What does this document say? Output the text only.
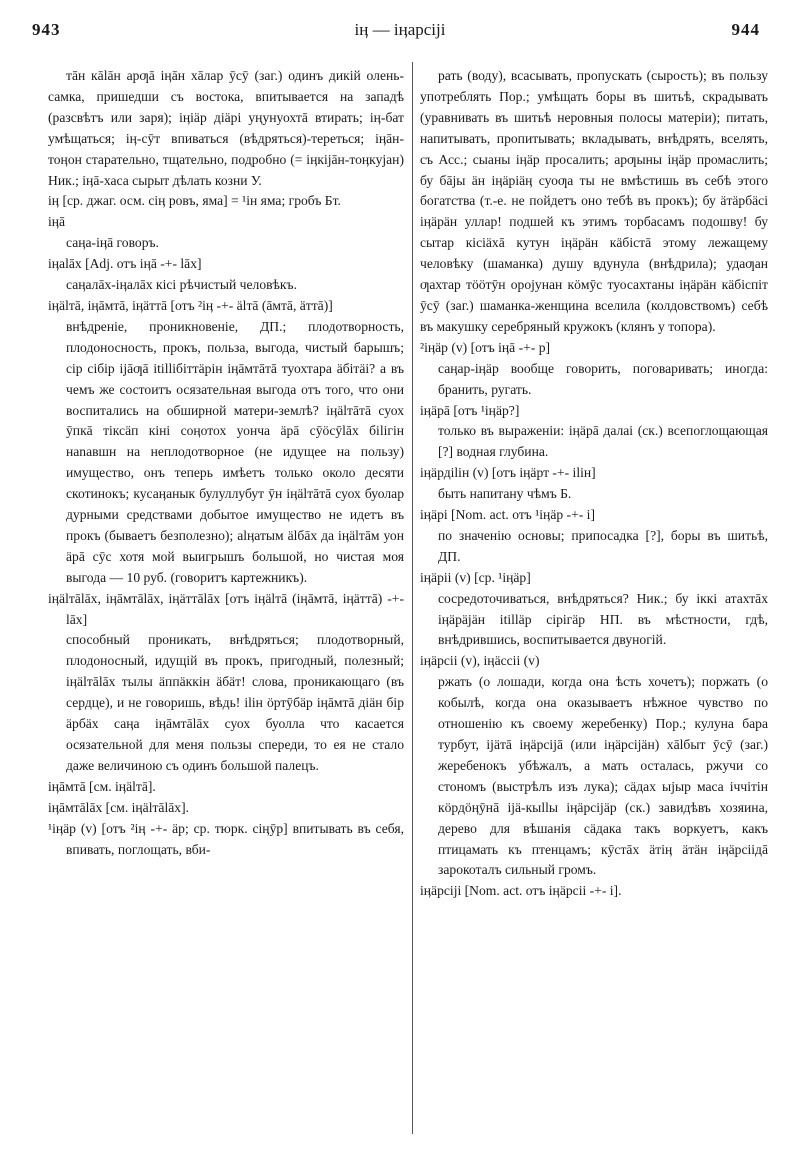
943	іӊ — іӊарсіјі	944

тāн кālāн арƣā іӊāн хāлар ӯсӯ (заг.) одинъ дикій олень-самка, пришедши съ востока, впитывается на западѣ (разсвѣтъ или заря); іӊіäр дiäрі уңунуохтā втирать; іӊ-бат умѣщаться; іӊ-сӯт впиваться (вѣдряться)-тереться; іӊāн-тоӊон старательно, тщательно, подробно (= іӊкіјāн-тоӊкујан) Ник.; іӊā-хаса сырыт дѣлать козни У.

іӊ [ср. джаг. осм. сіӊ ровъ, яма] = ¹ін яма; гробъ Бт.

іӊā

саӊа-іӊā говоръ.

іӊаlāх [Аdj. отъ іӊā -+- lāх]

саӊалāх-іӊалāх кісі рѣчистый человѣкъ.

іӊälтā, іӊāмтā, іӊäттā [отъ ²іӊ -+- älтā (āмтā, äттā)]

внѣдреніе, проникновеніе, ДП.; плодотворность, плодоносность, прокъ, польза, выгода, чистый барышъ; сір сібір іјāƣā іtіllібіттäрін іӊāмтāтā туохтара äбітäі? а въ чемъ же состоитъ осязательная выгода отъ того, что они воспитались на обширной матери-землѣ? іӊälтāтā суох ӯпкā тіксäп кіні соӊотох уонча äрā сӯöсӯlāх біlігін наnавшн на неплодотворное (не идущее на пользу) имущество, онъ теперь имѣетъ только около десяти скотинокъ; кусаӊанык булуллубут ӯн іӊälтāтā суох буолар дурными средствами добытое имущество не идетъ въ прокъ (бываетъ безполезно); аlӊатым älбāх да іӊälтāм уон äрā сӯс хотя мой выигрышъ большой, но чистая моя выгода — 10 руб. (говоритъ картежникъ).

іӊälтālāх, іӊāмтālāх, іӊäттālāх [отъ іӊälтā (іӊāмтā, іӊäттā) -+- lāх]

способный проникать, внѣдряться; плодотворный, плодоносный, идущій въ прокъ, пригодный, полезный; іӊälтālāх тылы äппäккін äбäт! слова, проникающаго (въ сердце), и не говоришь, вѣдь! іlін öртӯбäр іӊāмтā діäн бір äрбäх саӊа іӊāмтālāх суох буолла что касается осязательной для меня пользы спереди, то ея не стало даже величиною съ одинъ большой палецъ.

іӊāмтā [см. іӊälтā].

іӊāмтālāх [см. іӊälтālāх].

¹іӊäр (v) [отъ ²іӊ -+- äр; ср. тюрк. сіӊӯр] впитывать въ себя, впивать, поглощать, вби-

рать (воду), всасывать, пропускать (сырость); въ пользу употреблять Пор.; умѣщать боры въ шитьѣ, скрадывать (уравнивать въ шитьѣ неровныя полосы матеріи); питать, напитывать, пропитывать; вкладывать, внѣдрять, вселять, съ Асс.; сыаны іӊäр просалить; арƣыны іӊäр промаслить; бу бāјы äн іӊäріäӊ суоƣа ты не вмѣстишь въ себѣ этого богатства (т.-е. не пойдетъ оно тебѣ въ прокъ); бу äтäрбäсі іӊäрäн уллар! подшей къ этимъ торбасамъ подошву! бу сытар кісіäхā кутун іӊäрäн кäбістā этому лежащему человѣку (шаманка) душу вдунула (внѣдрила); удаƣан ƣахтар тööтӯн оројунан кöмӯс туосахтаны іӊäрäн кäбіспіт ӯсӯ (заг.) шаманка-женщина вселила (колдовствомъ) себѣ въ макушку серебряный кружокъ (клянъ у топора).

²іӊäр (v) [отъ іӊā -+- р]

саӊар-іӊäр вообще говорить, поговаривать; иногда: бранить, ругать.

іӊäрā [отъ ¹іӊäр?]

только въ выраженіи: іӊäрā далаі (ск.) всепоглощающая [?] водная глубина.

іӊäрдіlін (v) [отъ іӊäрт -+- іlін]

быть напитану чѣмъ Б.

іӊäрі [Nom. act. отъ ¹іӊäр -+- і]

по значенію основы; припосадка [?], боры въ шитьѣ, ДП.

іӊäріі (v) [ср. ¹іӊäр]

сосредоточиваться, внѣдряться? Ник.; бу іккі атахтāх іӊäрäјäн іtіlläр сірігäр НП. въ мѣстности, гдѣ, внѣдрившись, воспитывается двуногій.

іӊäрсіі (v), іӊäссіі (v)

ржать (о лошади, когда она ѣсть хочетъ); поржать (о кобылѣ, когда она оказываетъ нѣжное чувство по отношенію къ своему жеребенку) Пор.; кулуна бара турбут, іјäтā іӊäрсіјā (или іӊäрсіјäн) хālбыт ӯсӯ (заг.) жеребенокъ убѣжалъ, а мать осталась, ржучи со стономъ (выстрѣлъ изъ лука); сäдах ыјыр маса іччітін кöрдöӊӯнā іјä-кыllы іӊäрсіјäр (ск.) завидѣвъ хозяина, дерево для вѣшанія сäдака такъ воркуетъ, какъ птицамать къ птенцамъ; кӯстāх äтіӊ äтäн іӊäрсіідā зарокоталъ сильный громъ.

іӊäрсіјі [Nom. act. отъ іӊäрсіі -+- і].
